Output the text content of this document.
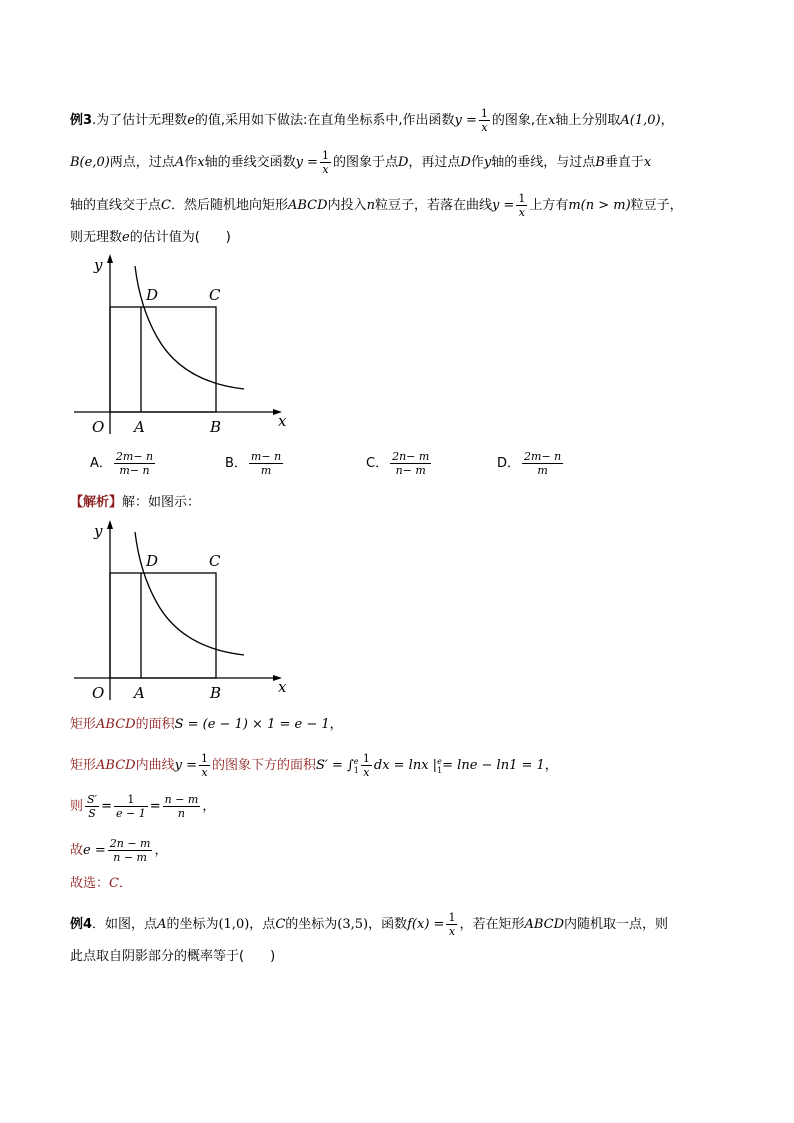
例3.为了估计无理数e的值,采用如下做法:在直角坐标系中,作出函数$y = \frac{1}{x}$ 的图象,在x轴上分别取A(1,0)，
B(e,0)两点，过点A作x轴的垂线交函数$y = \frac{1}{x}$ 的图象于点D，再过点D作y轴的垂线，与过点B垂直于x
轴的直线交于点C．然后随机地向矩形ABCD内投入n粒豆子，若落在曲线$y = \frac{1}{x}$ 上方有m(n > m)粒豆子，
则无理数e的估计值为(　　)
y
x
O A	B
C
D
A． $\frac{2m- n}{m- n}$	B． $\frac{m- n}{m}$	C． $\frac{2n- m}{n- m}$	D． $\frac{2m- n}{m}$
【解析】解：如图示：
y
x
O A	B
C
D
矩形ABCD的面积S = (e − 1) × 1 = e − 1，
矩形ABCD内曲线$y = \frac{1}{x}$ 的图象下方的面积S′ = ∫ e
$1 \frac{1}{x}$ dx = lnx | e
1 = lne − ln1 = 1，
则 $\frac{S'}{S} = \frac{1}{e - 1} = \frac{n - m}{n}$ ，
故$e = \frac{2n - m}{n - m}$ ，
故选：C．
例4．如图，点A的坐标为(1,0)，点C的坐标为(3,5)，函数$f(x) = \frac{1}{x}$ ，若在矩形ABCD内随机取一点，则
此点取自阴影部分的概率等于(　　)
